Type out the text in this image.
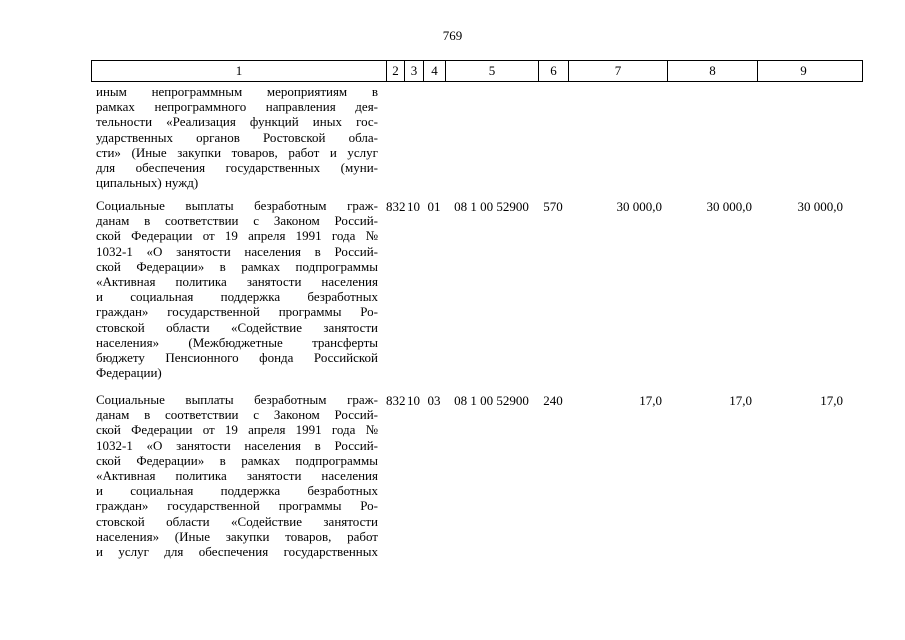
769
1	2 3	4	5	6	7	8	9
иным непрограммным мероприятиям в
рамках непрограммного направления дея-
тельности «Реализация функций иных гос-
ударственных органов Ростовской обла-
сти» (Иные закупки товаров, работ и услуг
для обеспечения государственных (муни-
ципальных) нужд)
Социальные выплаты безработным граж-
данам в соответствии с Законом Россий-
ской Федерации от 19 апреля 1991 года №
1032-1 «О занятости населения в Россий-
ской Федерации» в рамках подпрограммы
«Активная политика занятости населения
и социальная поддержка безработных
граждан» государственной программы Ро-
стовской области «Содействие занятости
населения» (Межбюджетные трансферты
бюджету Пенсионного фонда Российской
Федерации)
832 10 01	08 1 00 52900	570	30 000,0	30 000,0	30 000,0
Социальные выплаты безработным граж-
данам в соответствии с Законом Россий-
ской Федерации от 19 апреля 1991 года №
1032-1 «О занятости населения в Россий-
ской Федерации» в рамках подпрограммы
«Активная политика занятости населения
и социальная поддержка безработных
граждан» государственной программы Ро-
стовской области «Содействие занятости
населения» (Иные закупки товаров, работ
и услуг для обеспечения государственных
832 10 03	08 1 00 52900	240	17,0	17,0	17,0
